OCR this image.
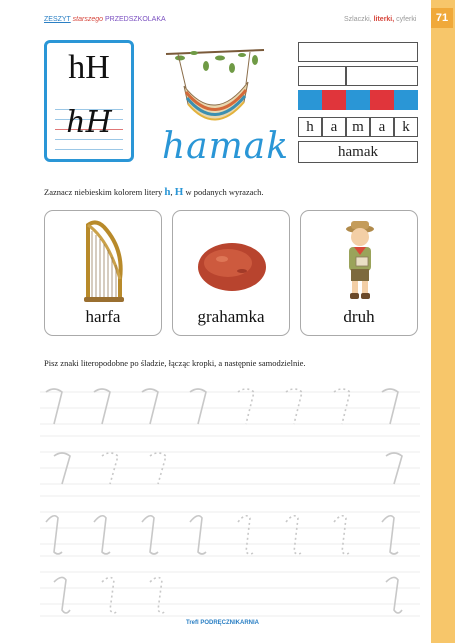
71
ZESZYT starszego PRZEDSZKOLAKA	Szlaczki, literki, cyferki
hH
hH
hamak	h	a m a	k
hamak
Zaznacz niebieskim kolorem litery h, H w podanych wyrazach.
harfa	grahamka	druh
Pisz znaki literopodobne po śladzie, łącząc kropki, a następnie samodzielnie.
Trefl PODRĘCZNIKARNIA
